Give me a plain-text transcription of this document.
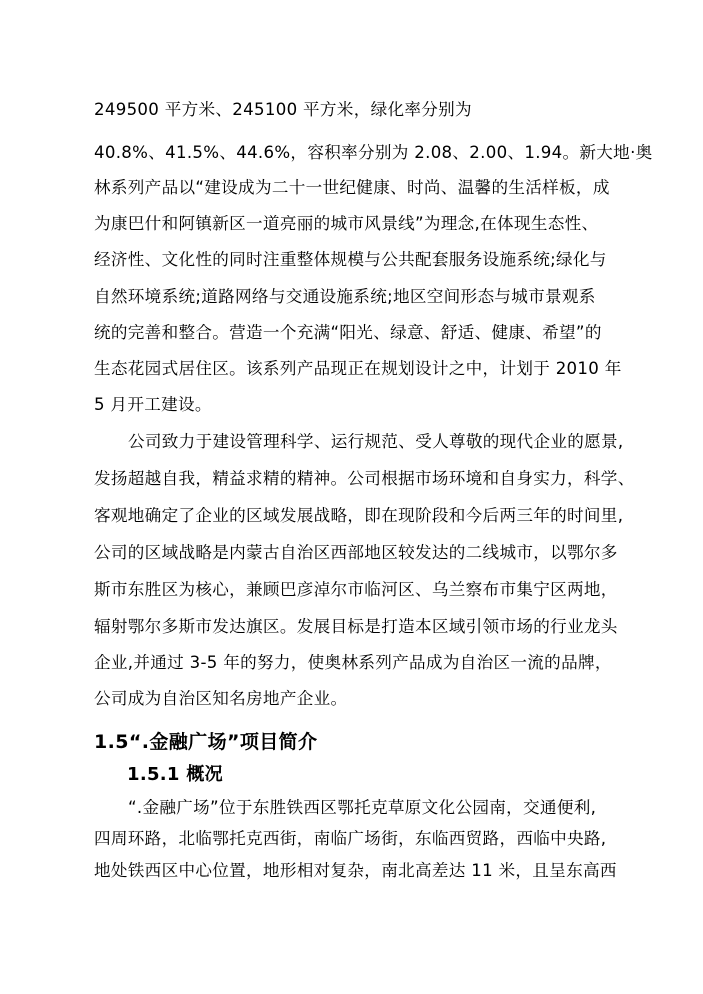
249500 平方米、245100 平方米，绿化率分别为
40.8%、41.5%、44.6%，容积率分别为 2.08、2.00、1.94。新大地·奥
林系列产品以“建设成为二十一世纪健康、时尚、温馨的生活样板，成
为康巴什和阿镇新区一道亮丽的城市风景线”为理念,在体现生态性、
经济性、文化性的同时注重整体规模与公共配套服务设施系统;绿化与
自然环境系统;道路网络与交通设施系统;地区空间形态与城市景观系
统的完善和整合。营造一个充满“阳光、绿意、舒适、健康、希望”的
生态花园式居住区。该系列产品现正在规划设计之中，计划于 2010 年
5 月开工建设。
公司致力于建设管理科学、运行规范、受人尊敬的现代企业的愿景,
发扬超越自我，精益求精的精神。公司根据市场环境和自身实力，科学、
客观地确定了企业的区域发展战略，即在现阶段和今后两三年的时间里,
公司的区域战略是内蒙古自治区西部地区较发达的二线城市，以鄂尔多
斯市东胜区为核心，兼顾巴彦淖尔市临河区、乌兰察布市集宁区两地，
辐射鄂尔多斯市发达旗区。发展目标是打造本区域引领市场的行业龙头
企业,并通过 3-5 年的努力，使奥林系列产品成为自治区一流的品牌，
公司成为自治区知名房地产企业。
1.5“.金融广场”项目简介
1.5.1 概况
“.金融广场”位于东胜铁西区鄂托克草原文化公园南，交通便利,
四周环路，北临鄂托克西街，南临广场街，东临西贸路，西临中央路,
地处铁西区中心位置，地形相对复杂，南北高差达 11 米，且呈东高西
